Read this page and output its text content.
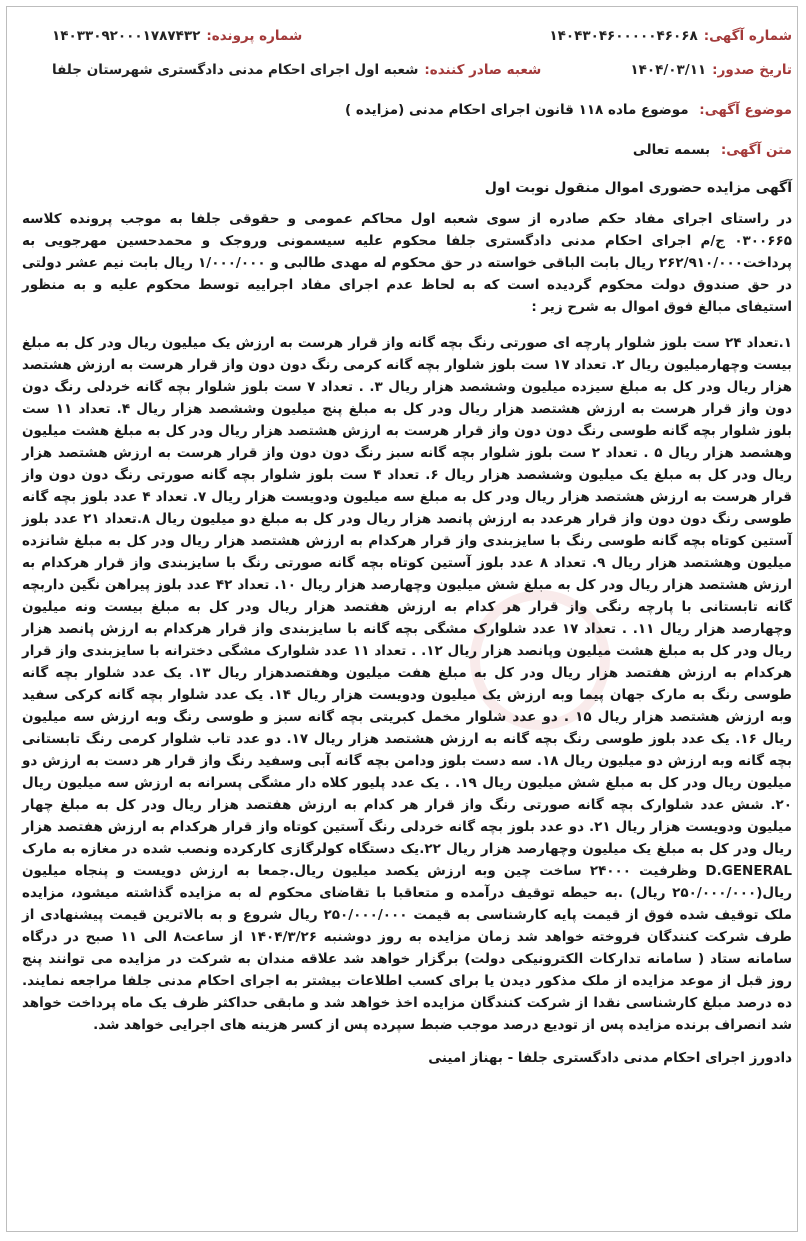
شماره آگهی:
۱۴۰۴۳۰۴۶۰۰۰۰۰۴۶۰۶۸
شماره پرونده:
۱۴۰۳۳۰۹۲۰۰۰۱۷۸۷۴۳۲
تاریخ صدور:
۱۴۰۴/۰۳/۱۱
شعبه صادر کننده:
شعبه اول اجرای احکام مدنی دادگستری شهرستان جلفا
موضوع آگهی: موضوع ماده ۱۱۸ قانون اجرای احکام مدنی (مزایده )
متن آگهی: بسمه تعالی
آگهی مزایده حضوری اموال منقول نوبت اول
در راستای اجرای مفاد حکم صادره از سوی شعبه اول محاکم عمومی و حقوقی جلفا به موجب پرونده کلاسه ۰۳۰۰۶۶۵ ج/م اجرای احکام مدنی دادگستری جلفا محکوم علیه سیسمونی وروجک و محمدحسین مهرجویی به پرداخت۲۶۲/۹۱۰/۰۰۰ ریال بابت الباقی خواسته در حق محکوم له مهدی طالبی و ۱/۰۰۰/۰۰۰ ریال بابت نیم عشر دولتی در حق صندوق دولت محکوم گردیده است که به لحاظ عدم اجرای مفاد اجراییه توسط محکوم علیه و به منظور استیفای مبالغ فوق اموال به شرح زیر :
۱.تعداد ۲۴ ست بلوز شلوار پارچه ای صورتی رنگ بچه گانه واز قرار هرست به ارزش یک میلیون ریال ودر کل به مبلغ بیست وچهارمیلیون ریال ۲. تعداد ۱۷ ست بلوز شلوار بچه گانه کرمی رنگ دون دون واز قرار هرست به ارزش هشتصد هزار ریال ودر کل به مبلغ سیزده میلیون وششصد هزار ریال ۳. . تعداد ۷ ست بلوز شلوار بچه گانه خردلی رنگ دون دون واز قرار هرست به ارزش هشتصد هزار ریال ودر کل به مبلغ پنج میلیون وششصد هزار ریال ۴. تعداد ۱۱ ست بلوز شلوار بچه گانه طوسی رنگ دون دون واز قرار هرست به ارزش هشتصد هزار ریال ودر کل به مبلغ هشت میلیون وهشصد هزار ریال ۵ . تعداد ۲ ست بلوز شلوار بچه گانه سبز رنگ دون دون واز قرار هرست به ارزش هشتصد هزار ریال ودر کل به مبلغ یک میلیون وششصد هزار ریال ۶. تعداد ۴ ست بلوز شلوار بچه گانه صورتی رنگ دون دون واز قرار هرست به ارزش هشتصد هزار ریال ودر کل به مبلغ سه میلیون ودویست هزار ریال ۷. تعداد ۴ عدد بلوز بچه گانه طوسی رنگ دون دون واز قرار هرعدد به ارزش پانصد هزار ریال ودر کل به مبلغ دو میلیون ریال ۸.تعداد ۲۱ عدد بلوز آستین کوتاه بچه گانه طوسی رنگ با سایزبندی واز قرار هرکدام به ارزش هشتصد هزار ریال ودر کل به مبلغ شانزده میلیون وهشتصد هزار ریال ۹. تعداد ۸ عدد بلوز آستین کوتاه بچه گانه صورتی رنگ با سایزبندی واز قرار هرکدام به ارزش هشتصد هزار ریال ودر کل به مبلغ شش میلیون وچهارصد هزار ریال ۱۰. تعداد ۴۲ عدد بلوز پیراهن نگین داربچه گانه تابستانی با پارچه رنگی واز قرار هر کدام به ارزش هفتصد هزار ریال ودر کل به مبلغ بیست ونه میلیون وچهارصد هزار ریال ۱۱. . تعداد ۱۷ عدد شلوارک مشگی بچه گانه با سایزبندی واز قرار هرکدام به ارزش پانصد هزار ریال ودر کل به مبلغ هشت میلیون وپانصد هزار ریال ۱۲. . تعداد ۱۱ عدد شلوارک مشگی دخترانه با سایزبندی واز قرار هرکدام به ارزش هفتصد هزار ریال ودر کل به مبلغ هفت میلیون وهفتصدهزار ریال ۱۳. یک عدد شلوار بچه گانه طوسی رنگ به مارک جهان پیما وبه ارزش یک میلیون ودویست هزار ریال ۱۴. یک عدد شلوار بچه گانه کرکی سفید وبه ارزش هشتصد هزار ریال ۱۵ . دو عدد شلوار مخمل کبریتی بچه گانه سبز و طوسی رنگ وبه ارزش سه میلیون ریال ۱۶. یک عدد بلوز طوسی رنگ بچه گانه به ارزش هشتصد هزار ریال ۱۷. دو عدد تاب شلوار کرمی رنگ تابستانی بچه گانه وبه ارزش دو میلیون ریال ۱۸. سه دست بلوز ودامن بچه گانه آبی وسفید رنگ واز قرار هر دست به ارزش دو میلیون ریال ودر کل به مبلغ شش میلیون ریال ۱۹. . یک عدد پلیور کلاه دار مشگی پسرانه به ارزش سه میلیون ریال ۲۰. شش عدد شلوارک بچه گانه صورتی رنگ واز قرار هر کدام به ارزش هفتصد هزار ریال ودر کل به مبلغ چهار میلیون ودویست هزار ریال ۲۱. دو عدد بلوز بچه گانه خردلی رنگ آستین کوتاه واز قرار هرکدام به ارزش هفتصد هزار ریال ودر کل به مبلغ یک میلیون وچهارصد هزار ریال ۲۲.یک دستگاه کولرگازی کارکرده ونصب شده در مغازه به مارک D.GENERAL وظرفیت ۲۴۰۰۰ ساخت چین وبه ارزش یکصد میلیون ریال.جمعا به ارزش دویست و پنجاه میلیون ریال(۲۵۰/۰۰۰/۰۰۰ ریال) .به حیطه توقیف درآمده و متعاقبا با تقاضای محکوم له به مزایده گذاشته میشود، مزایده ملک توقیف شده فوق از قیمت پایه کارشناسی به قیمت ۲۵۰/۰۰۰/۰۰۰ ریال شروع و به بالاترین قیمت پیشنهادی از طرف شرکت کنندگان فروخته خواهد شد زمان مزایده به روز دوشنبه ۱۴۰۴/۳/۲۶ از ساعت۸ الی ۱۱ صبح در درگاه سامانه ستاد ( سامانه تدارکات الکترونیکی دولت) برگزار خواهد شد علاقه مندان به شرکت در مزایده می توانند پنج روز قبل از موعد مزایده از ملک مذکور دیدن یا برای کسب اطلاعات بیشتر به اجرای احکام مدنی جلفا مراجعه نمایند. ده درصد مبلغ کارشناسی نقدا از شرکت کنندگان مزایده اخذ خواهد شد و مابقی حداکثر ظرف یک ماه پرداخت خواهد شد انصراف برنده مزایده پس از تودیع درصد موجب ضبط سپرده پس از کسر هزینه های اجرایی خواهد شد.
دادورز اجرای احکام مدنی دادگستری جلفا - بهناز امینی
